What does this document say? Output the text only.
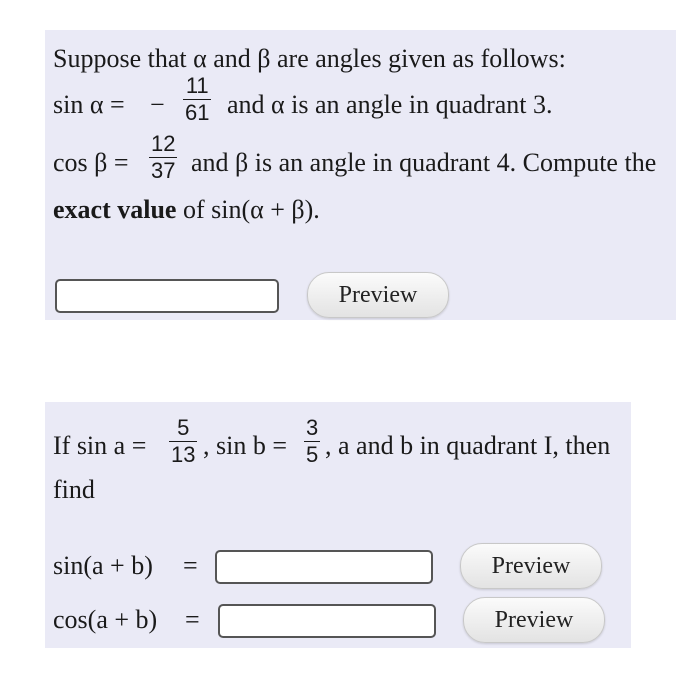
Suppose that α and β are angles given as follows:
sin α = −
11
61 and α is an angle in quadrant 3.
cos β =
12
37 and β is an angle in quadrant 4. Compute the
exact value of sin(α + β).
Preview
If sin a =
5
13 , sin b =
3
5 , a and b in quadrant I, then
find
sin(a + b) =	Preview
cos(a + b) =	Preview
